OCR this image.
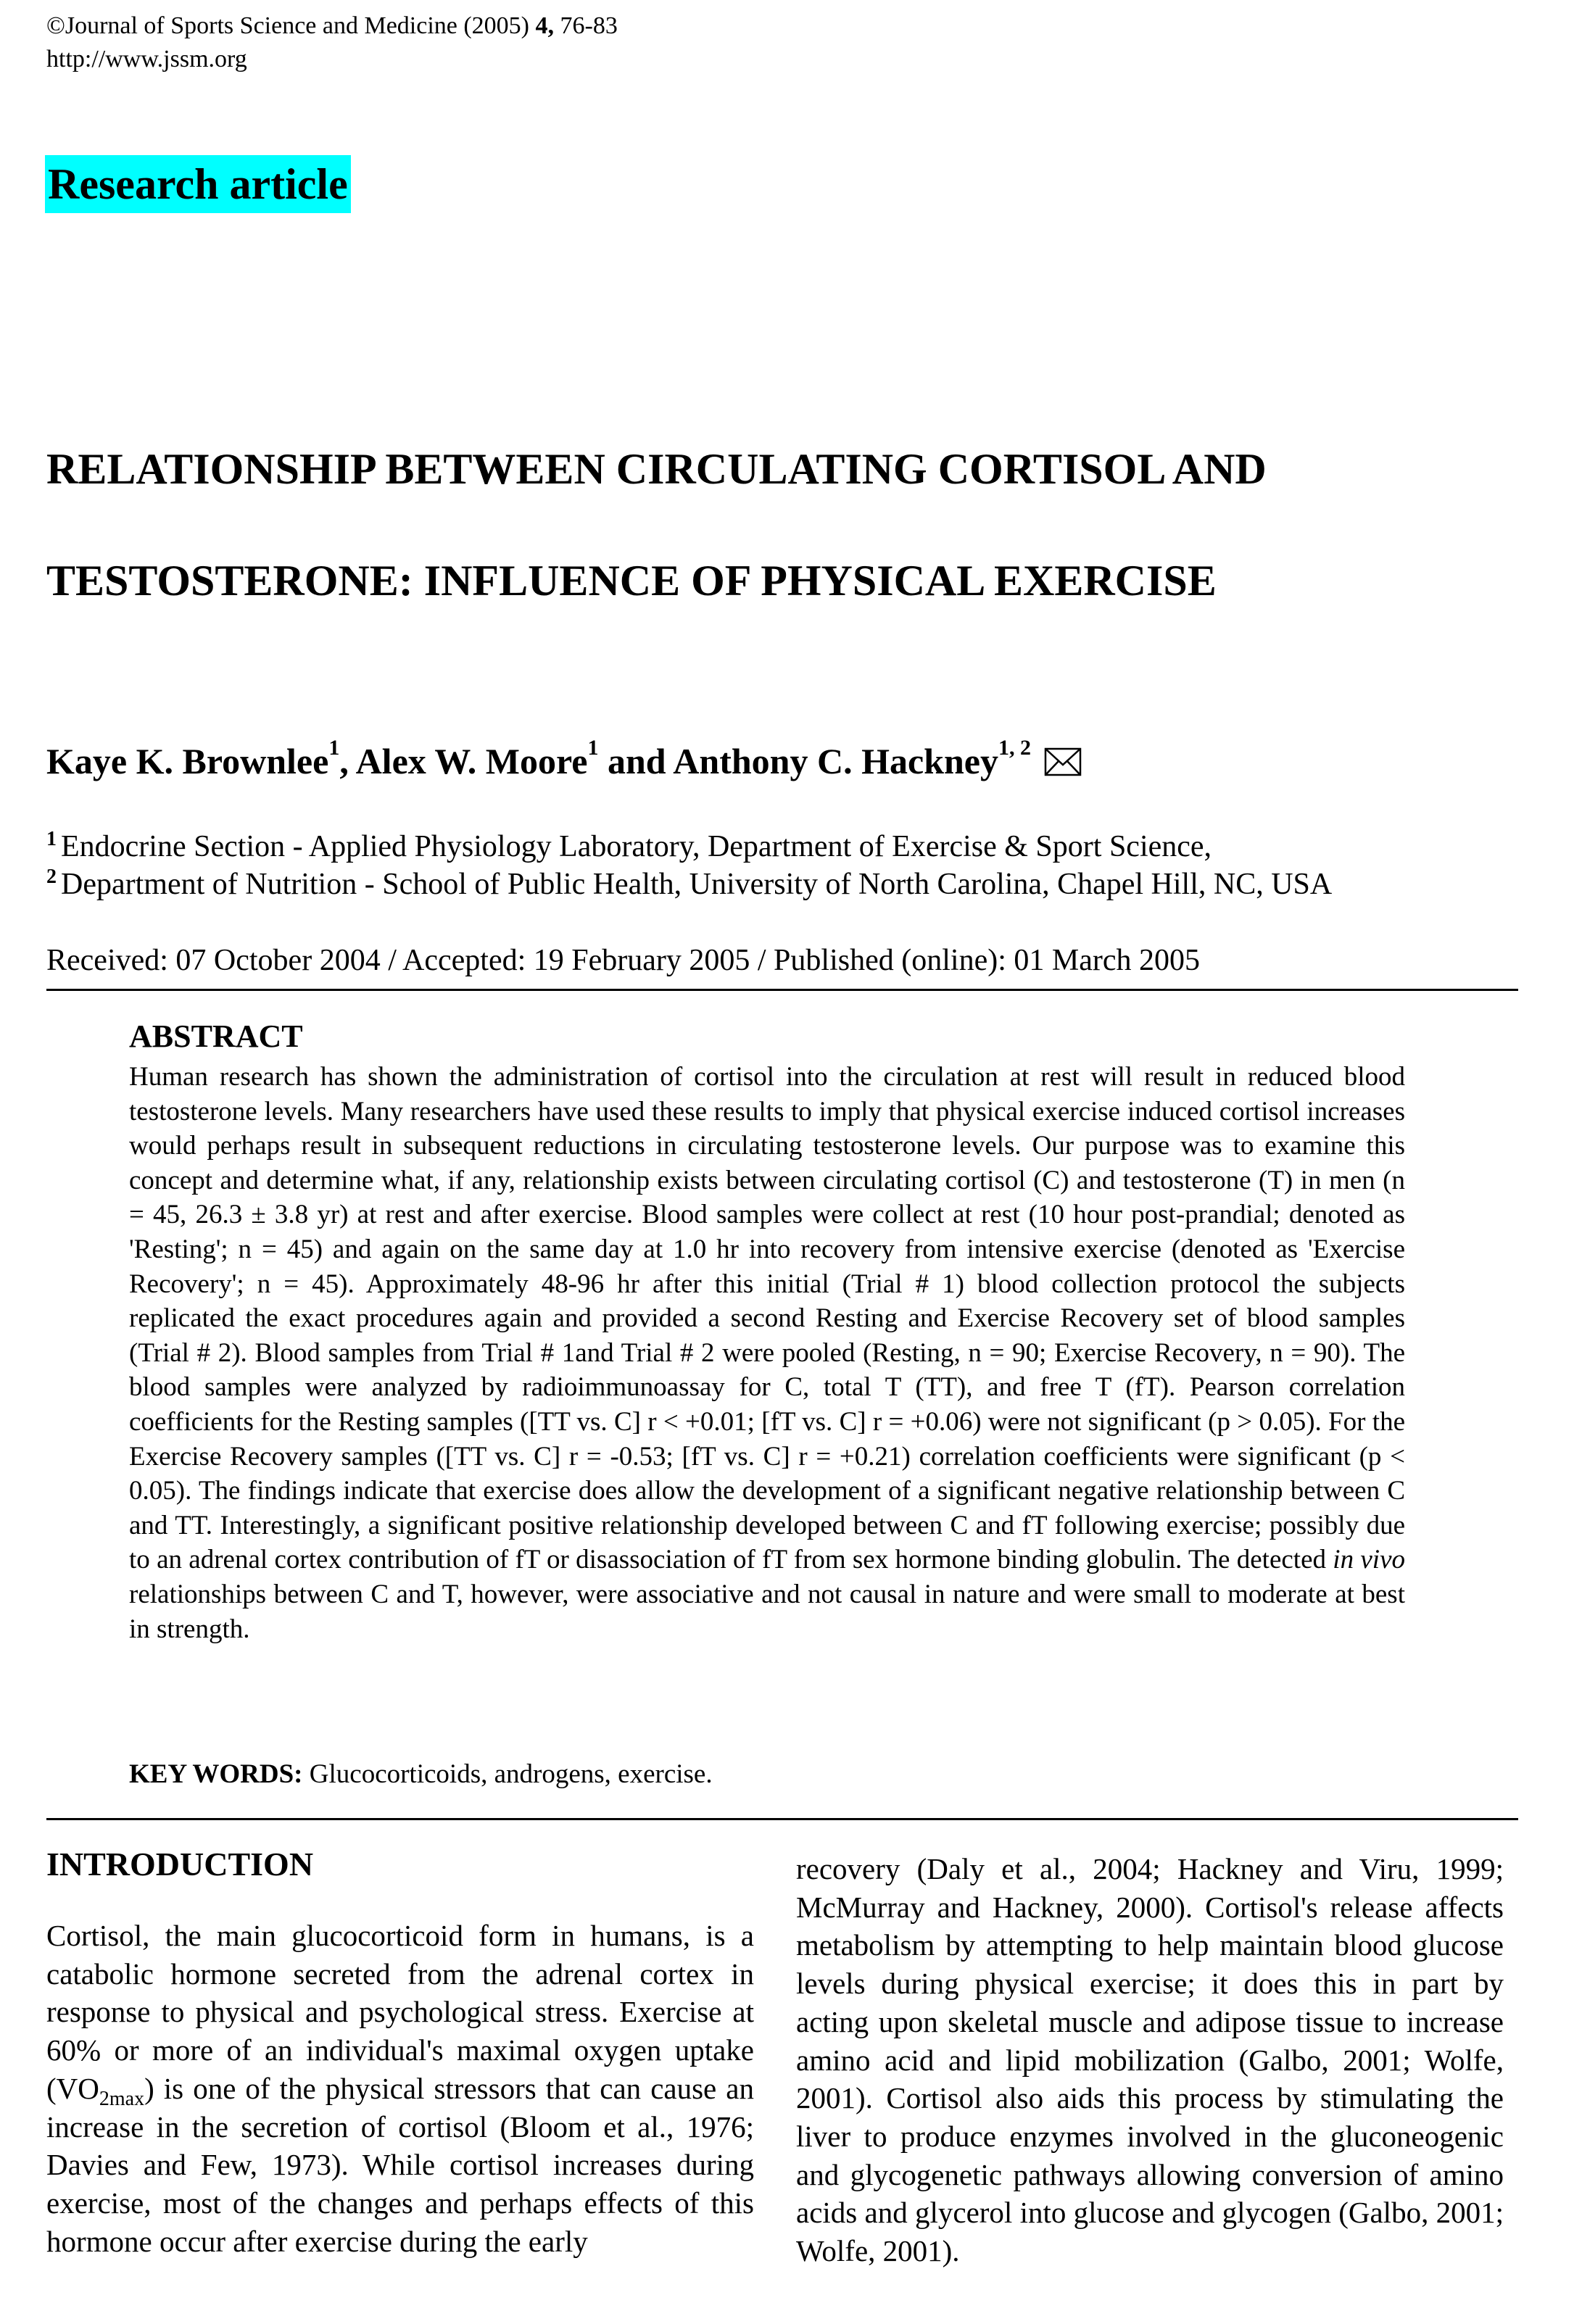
©Journal of Sports Science and Medicine (2005) 4, 76-83
http://www.jssm.org
Research article
RELATIONSHIP BETWEEN CIRCULATING CORTISOL AND
TESTOSTERONE: INFLUENCE OF PHYSICAL EXERCISE
Kaye K. Brownlee$^1$, Alex W. Moore$^1$ and Anthony C. Hackney$^{1, 2}$
$^1$ Endocrine Section - Applied Physiology Laboratory, Department of Exercise & Sport Science,
$^2$ Department of Nutrition - School of Public Health, University of North Carolina, Chapel Hill, NC, USA
Received: 07 October 2004 / Accepted: 19 February 2005 / Published (online): 01 March 2005
ABSTRACT

Human research has shown the administration of cortisol into the circulation at rest will result in reduced blood testosterone levels. Many researchers have used these results to imply that physical exercise induced cortisol increases would perhaps result in subsequent reductions in circulating testosterone levels. Our purpose was to examine this concept and determine what, if any, relationship exists between circulating cortisol (C) and testosterone (T) in men (n = 45, 26.3 ± 3.8 yr) at rest and after exercise. Blood samples were collect at rest (10 hour post-prandial; denoted as 'Resting'; n = 45) and again on the same day at 1.0 hr into recovery from intensive exercise (denoted as 'Exercise Recovery'; n = 45). Approximately 48-96 hr after this initial (Trial # 1) blood collection protocol the subjects replicated the exact procedures again and provided a second Resting and Exercise Recovery set of blood samples (Trial # 2). Blood samples from Trial # 1and Trial # 2 were pooled (Resting, n = 90; Exercise Recovery, n = 90). The blood samples were analyzed by radioimmunoassay for C, total T (TT), and free T (fT). Pearson correlation coefficients for the Resting samples ([TT vs. C] r < +0.01; [fT vs. C] r = +0.06) were not significant (p > 0.05). For the Exercise Recovery samples ([TT vs. C] r = -0.53; [fT vs. C] r = +0.21) correlation coefficients were significant (p < 0.05). The findings indicate that exercise does allow the development of a significant negative relationship between C and TT. Interestingly, a significant positive relationship developed between C and fT following exercise; possibly due to an adrenal cortex contribution of fT or disassociation of fT from sex hormone binding globulin. The detected in vivo relationships between C and T, however, were associative and not causal in nature and were small to moderate at best in strength.

KEY WORDS: Glucocorticoids, androgens, exercise.
INTRODUCTION

Cortisol, the main glucocorticoid form in humans, is a catabolic hormone secreted from the adrenal cortex in response to physical and psychological stress. Exercise at 60% or more of an individual's maximal oxygen uptake $(VO_{2max})$ is one of the physical stressors that can cause an increase in the secretion of cortisol (Bloom et al., 1976; Davies and Few, 1973). While cortisol increases during exercise, most of the changes and perhaps effects of this hormone occur after exercise during the early

recovery (Daly et al., 2004; Hackney and Viru, 1999; McMurray and Hackney, 2000). Cortisol's release affects metabolism by attempting to help maintain blood glucose levels during physical exercise; it does this in part by acting upon skeletal muscle and adipose tissue to increase amino acid and lipid mobilization (Galbo, 2001; Wolfe, 2001). Cortisol also aids this process by stimulating the liver to produce enzymes involved in the gluconeogenic and glycogenetic pathways allowing conversion of amino acids and glycerol into glucose and glycogen (Galbo, 2001; Wolfe, 2001).
